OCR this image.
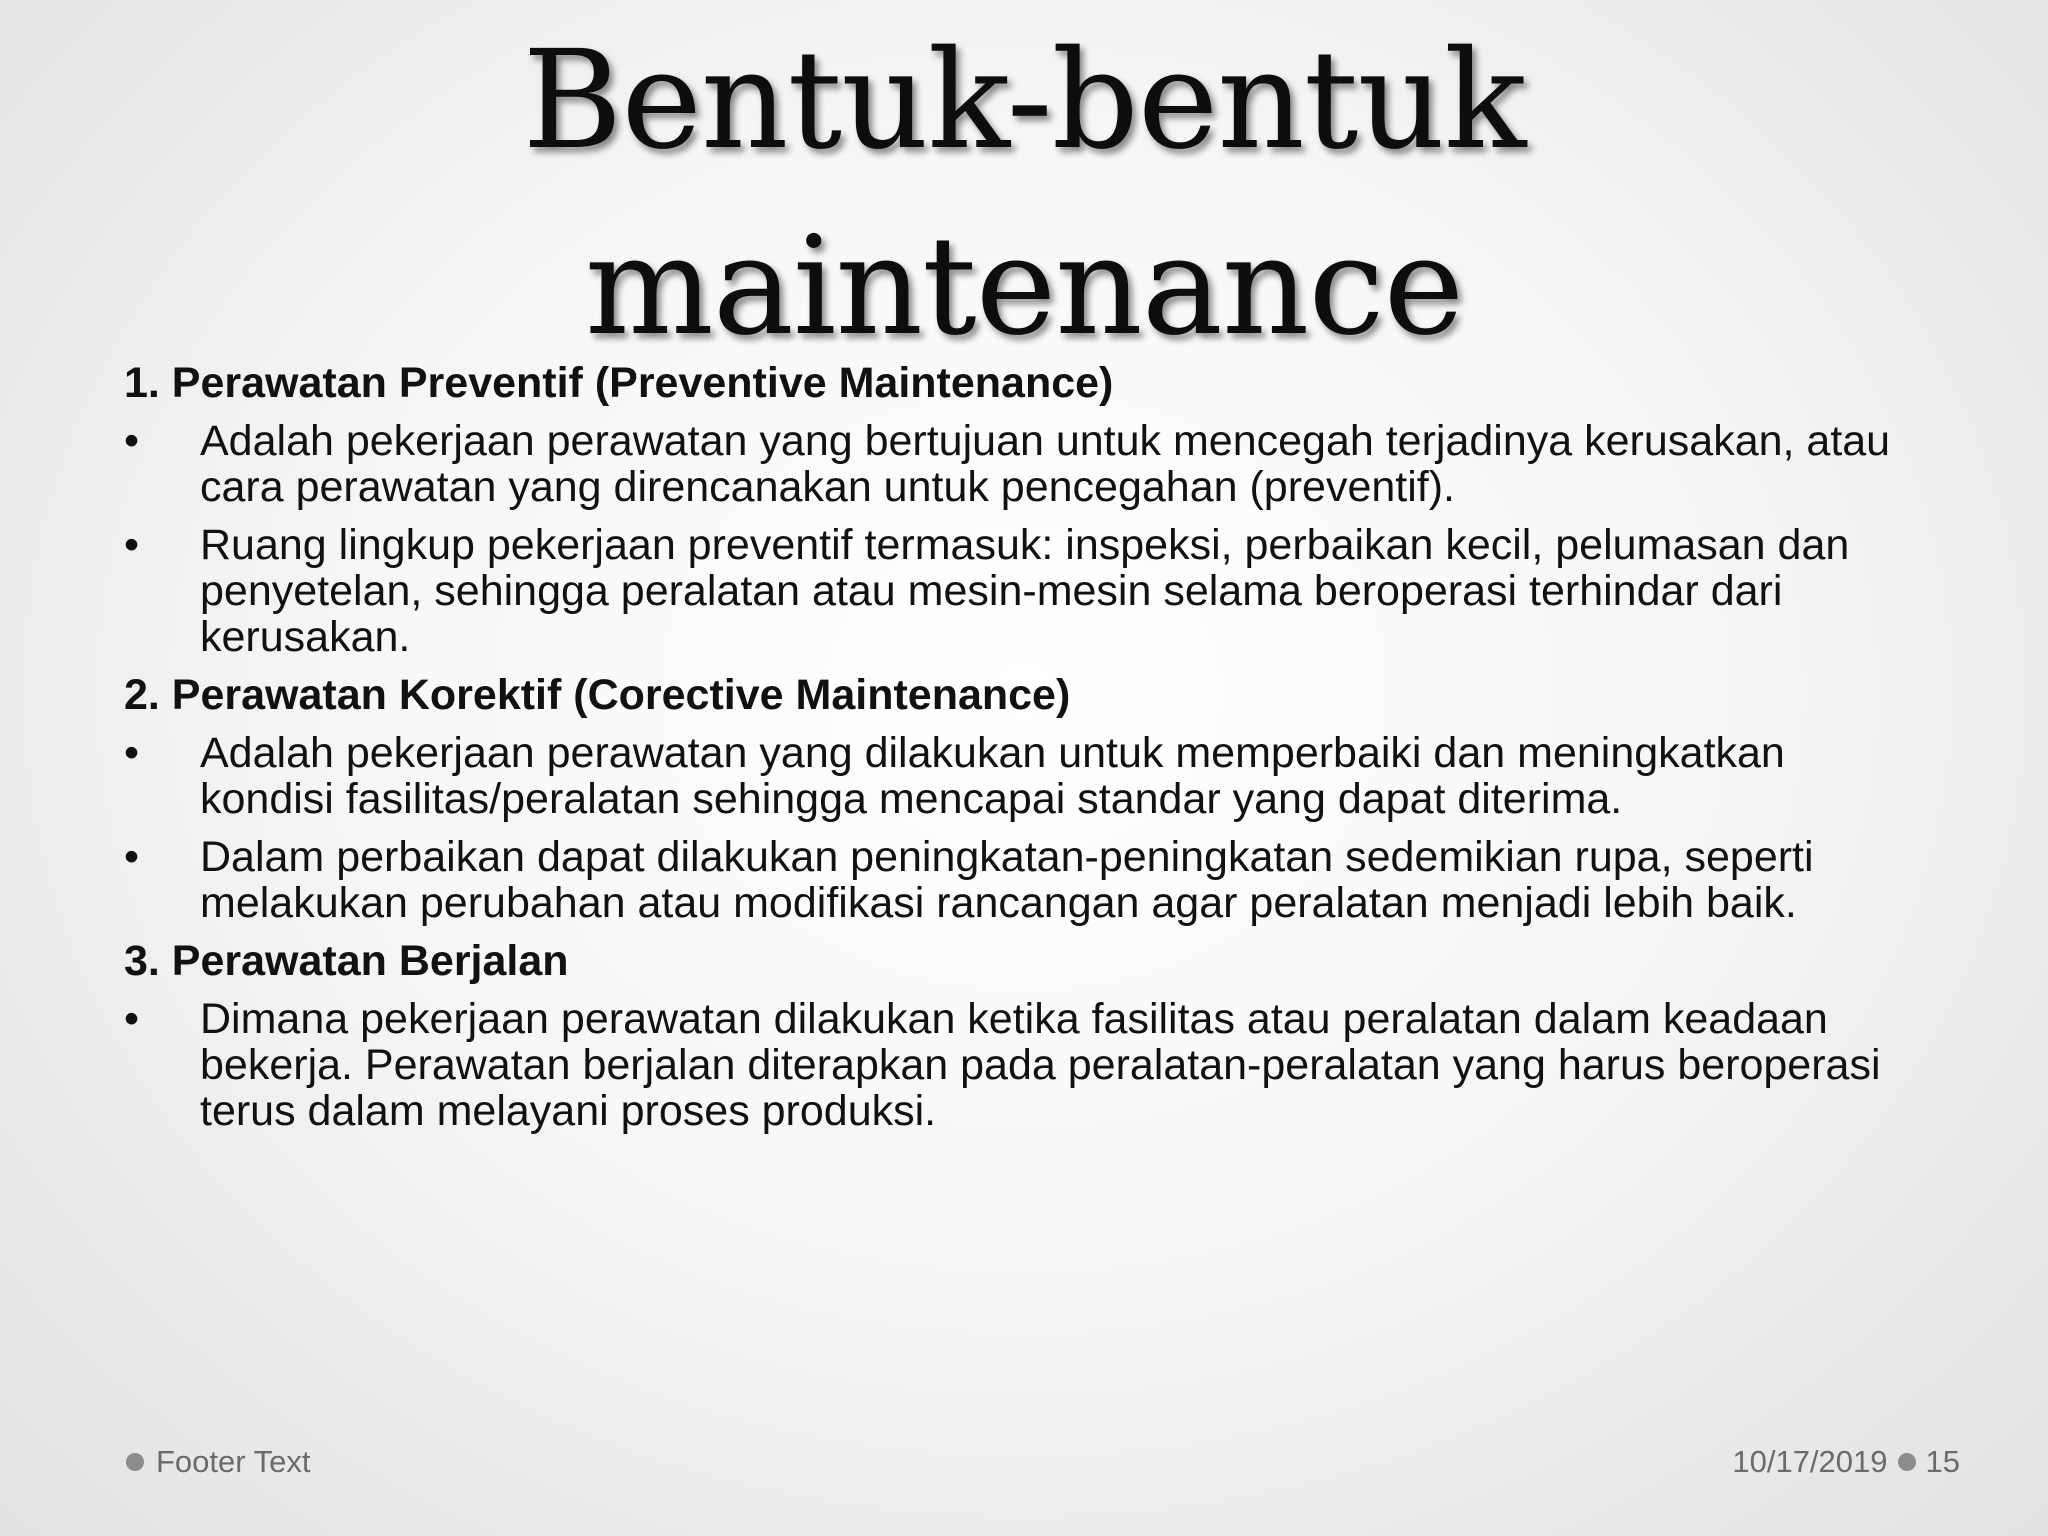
Bentuk-bentuk
maintenance
1. Perawatan Preventif (Preventive Maintenance)
• Adalah pekerjaan perawatan yang bertujuan untuk mencegah terjadinya kerusakan, atau cara perawatan yang direncanakan untuk pencegahan (preventif).
• Ruang lingkup pekerjaan preventif termasuk: inspeksi, perbaikan kecil, pelumasan dan penyetelan, sehingga peralatan atau mesin-mesin selama beroperasi terhindar dari kerusakan.
2. Perawatan Korektif (Corective Maintenance)
• Adalah pekerjaan perawatan yang dilakukan untuk memperbaiki dan meningkatkan kondisi fasilitas/peralatan sehingga mencapai standar yang dapat diterima.
• Dalam perbaikan dapat dilakukan peningkatan-peningkatan sedemikian rupa, seperti melakukan perubahan atau modifikasi rancangan agar peralatan menjadi lebih baik.
3. Perawatan Berjalan
• Dimana pekerjaan perawatan dilakukan ketika fasilitas atau peralatan dalam keadaan bekerja. Perawatan berjalan diterapkan pada peralatan-peralatan yang harus beroperasi terus dalam melayani proses produksi.
Footer Text	10/17/2019 15
